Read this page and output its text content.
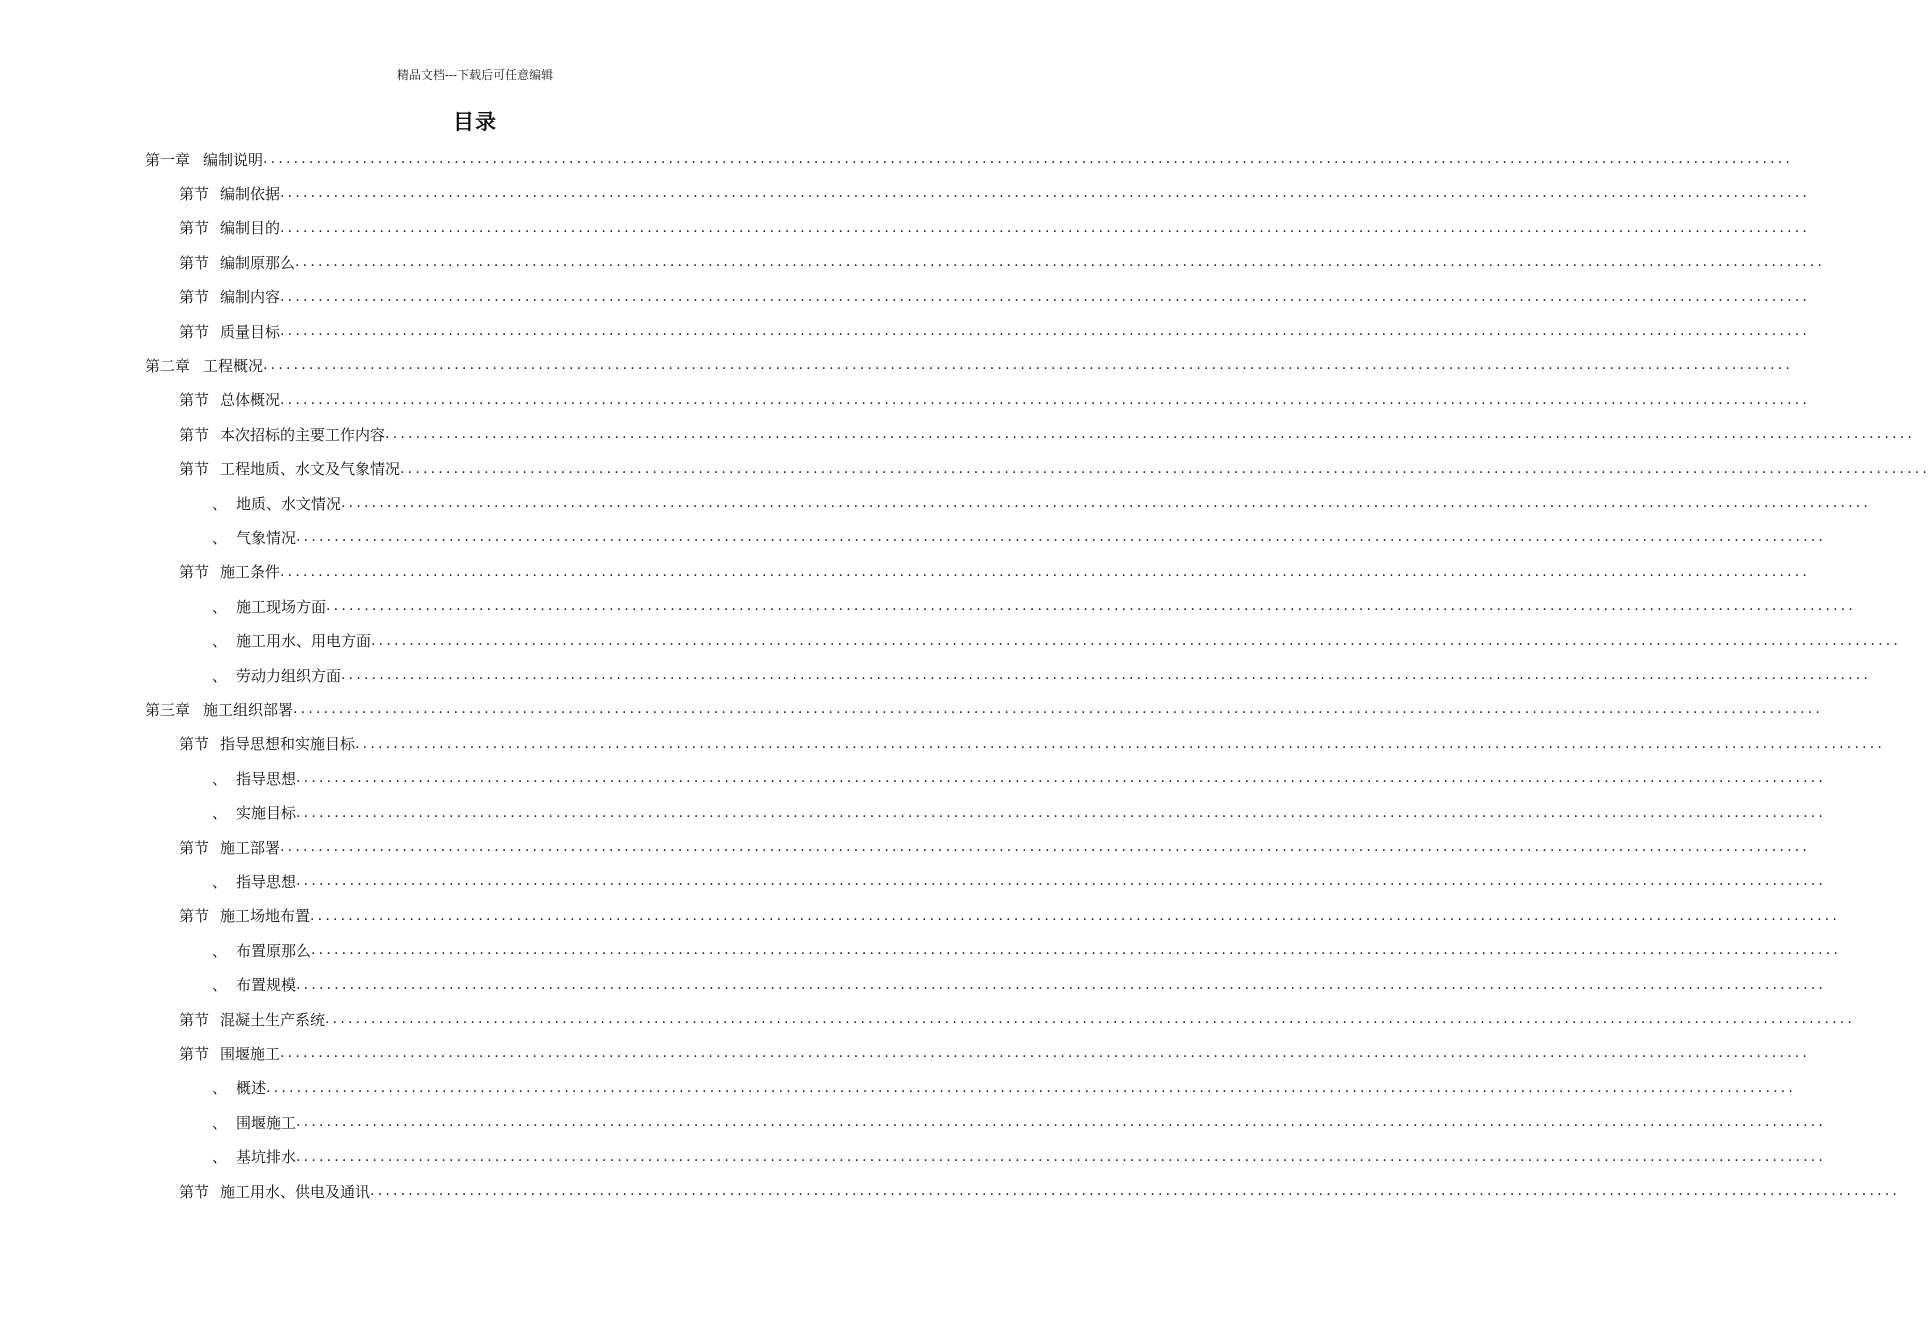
精品文档---下载后可任意编辑
目录
第一章 编制说明 ........................................................................................................................................................................................................
第节 编制依据 ........................................................................................................................................................................................................
第节 编制目的 ........................................................................................................................................................................................................
第节 编制原那么 ........................................................................................................................................................................................................
第节 编制内容 ........................................................................................................................................................................................................
第节 质量目标 ........................................................................................................................................................................................................
第二章 工程概况 ........................................................................................................................................................................................................
第节 总体概况 ........................................................................................................................................................................................................
第节 本次招标的主要工作内容 ........................................................................................................................................................................................................
第节 工程地质、水文及气象情况 ........................................................................................................................................................................................................
、 地质、水文情况 ........................................................................................................................................................................................................
、 气象情况 ........................................................................................................................................................................................................
第节 施工条件 ........................................................................................................................................................................................................
、 施工现场方面 ........................................................................................................................................................................................................
、 施工用水、用电方面 ........................................................................................................................................................................................................
、 劳动力组织方面 ........................................................................................................................................................................................................
第三章 施工组织部署 ........................................................................................................................................................................................................
第节 指导思想和实施目标 ........................................................................................................................................................................................................
、 指导思想 ........................................................................................................................................................................................................
、 实施目标 ........................................................................................................................................................................................................
第节 施工部署 ........................................................................................................................................................................................................
、 指导思想 ........................................................................................................................................................................................................
第节 施工场地布置 ........................................................................................................................................................................................................
、 布置原那么 ........................................................................................................................................................................................................
、 布置规模 ........................................................................................................................................................................................................
第节 混凝土生产系统 ........................................................................................................................................................................................................
第节 围堰施工 ........................................................................................................................................................................................................
、 概述 ........................................................................................................................................................................................................
、 围堰施工 ........................................................................................................................................................................................................
、 基坑排水 ........................................................................................................................................................................................................
第节 施工用水、供电及通讯 ........................................................................................................................................................................................................
